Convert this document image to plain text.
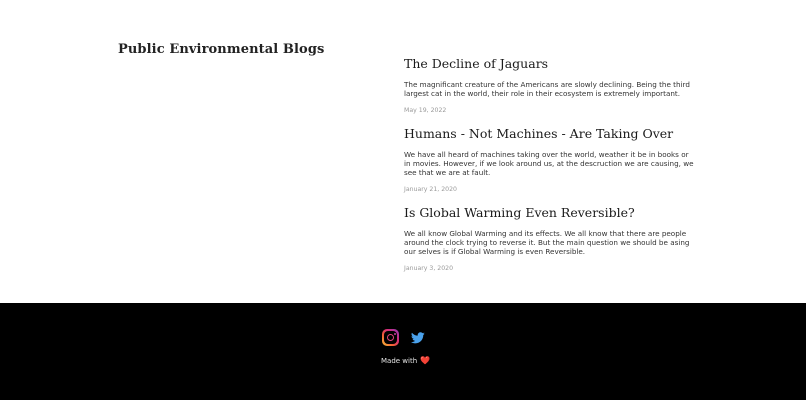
Public Environmental Blogs
The Decline of Jaguars

The magnificant creature of the Americans are slowly declining. Being the third largest cat in the world, their role in their ecosystem is extremely important.

May 19, 2022
Humans - Not Machines - Are Taking Over

We have all heard of machines taking over the world, weather it be in books or in movies. However, if we look around us, at the descruction we are causing, we see that we are at fault.

January 21, 2020
Is Global Warming Even Reversible?

We all know Global Warming and its effects. We all know that there are people around the clock trying to reverse it. But the main question we should be asing our selves is if Global Warming is even Reversible.

January 3, 2020
Made with ❤️
